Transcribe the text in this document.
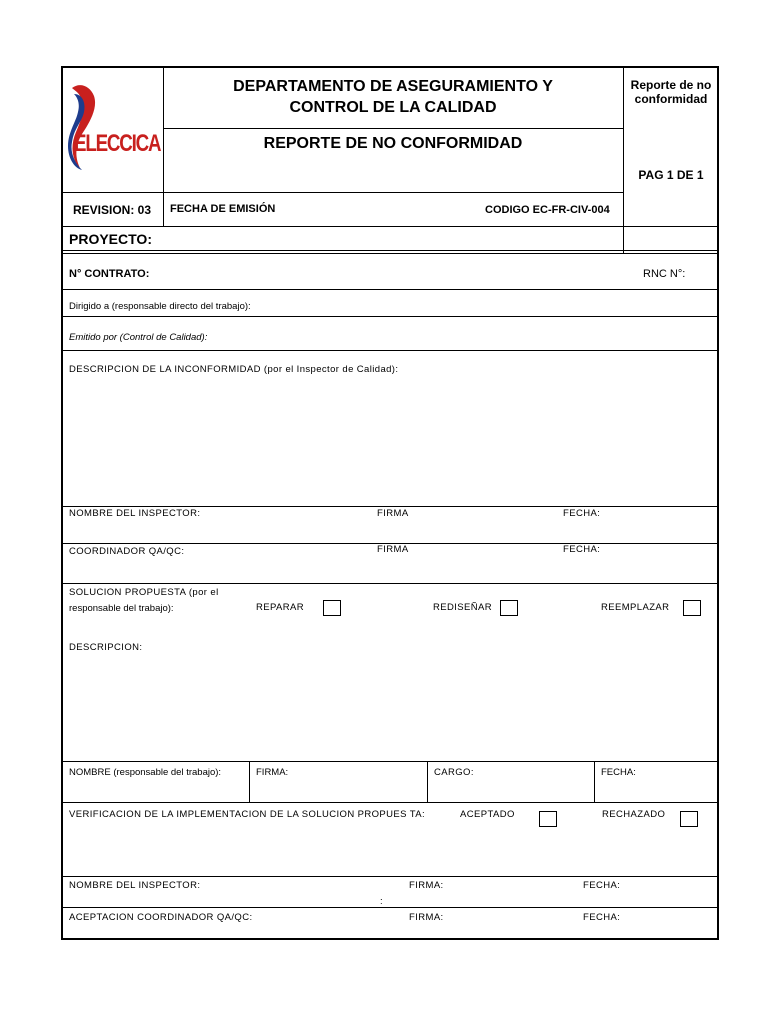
ELECCICA
DEPARTAMENTO DE ASEGURAMIENTO Y
CONTROL DE LA CALIDAD
REPORTE DE NO CONFORMIDAD
Reporte de no
conformidad
PAG 1 DE 1
REVISION: 03 FECHA DE EMISIÓN	CODIGO EC-FR-CIV-004
PROYECTO:
N° CONTRATO:	RNC N°:
Dirigido a (responsable directo del trabajo):
Emitido por (Control de Calidad):
DESCRIPCION DE LA INCONFORMIDAD (por el Inspector de Calidad):
NOMBRE DEL INSPECTOR:	FIRMA	FECHA:
COORDINADOR QA/QC:	FIRMA	FECHA:
SOLUCION PROPUESTA (por el
responsable del trabajo):	REPARAR	REDISEÑAR	REEMPLAZAR
DESCRIPCION:
NOMBRE (responsable del trabajo):	FIRMA:	CARGO:	FECHA:
VERIFICACION DE LA IMPLEMENTACION DE LA SOLUCION PROPUES TA:	ACEPTADO	RECHAZADO
NOMBRE DEL INSPECTOR:	FIRMA:	FECHA:
:
ACEPTACION COORDINADOR QA/QC:	FIRMA:	FECHA:
